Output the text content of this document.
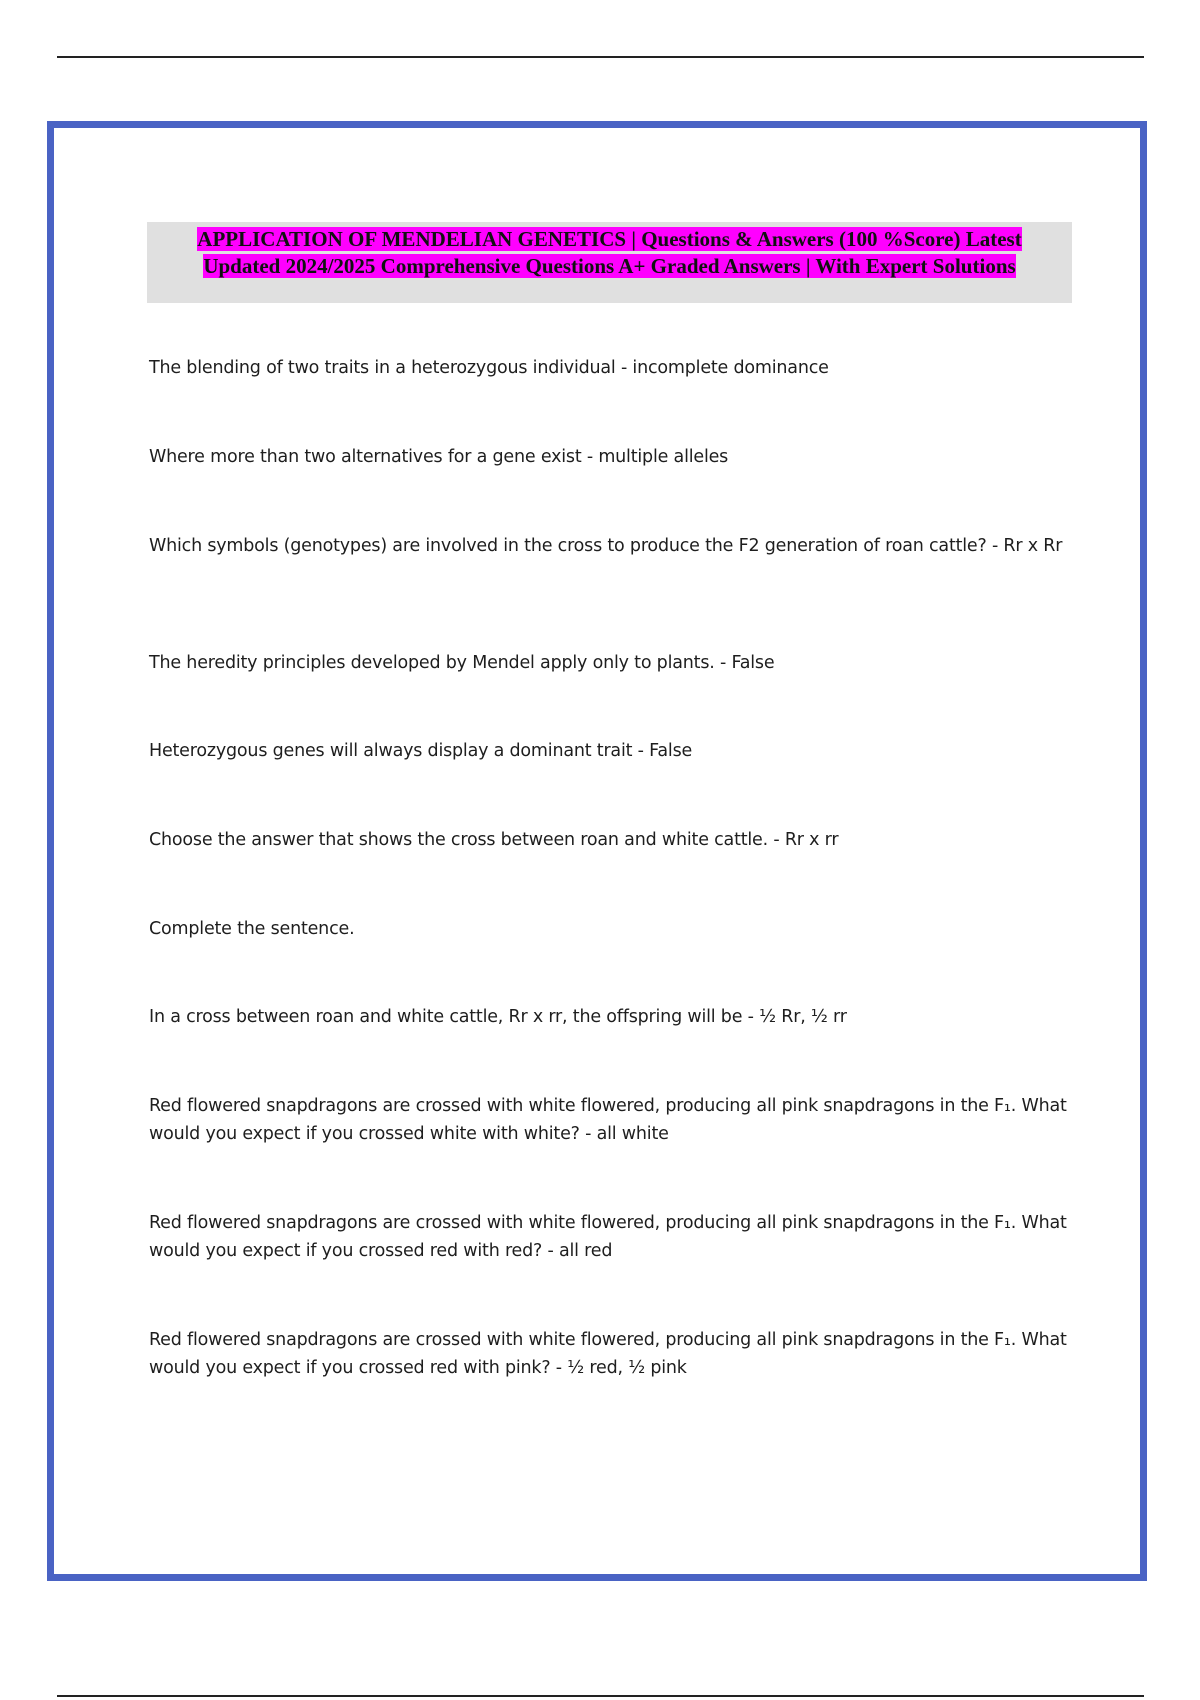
APPLICATION OF MENDELIAN GENETICS | Questions & Answers (100 %Score) Latest Updated 2024/2025 Comprehensive Questions A+ Graded Answers | With Expert Solutions
The blending of two traits in a heterozygous individual - incomplete dominance
Where more than two alternatives for a gene exist - multiple alleles
Which symbols (genotypes) are involved in the cross to produce the F2 generation of roan cattle? - Rr x Rr
The heredity principles developed by Mendel apply only to plants. - False
Heterozygous genes will always display a dominant trait - False
Choose the answer that shows the cross between roan and white cattle. - Rr x rr
Complete the sentence.
In a cross between roan and white cattle, Rr x rr, the offspring will be - ½ Rr, ½ rr
Red flowered snapdragons are crossed with white flowered, producing all pink snapdragons in the F₁. What would you expect if you crossed white with white? - all white
Red flowered snapdragons are crossed with white flowered, producing all pink snapdragons in the F₁. What would you expect if you crossed red with red? - all red
Red flowered snapdragons are crossed with white flowered, producing all pink snapdragons in the F₁. What would you expect if you crossed red with pink? - ½ red, ½ pink
